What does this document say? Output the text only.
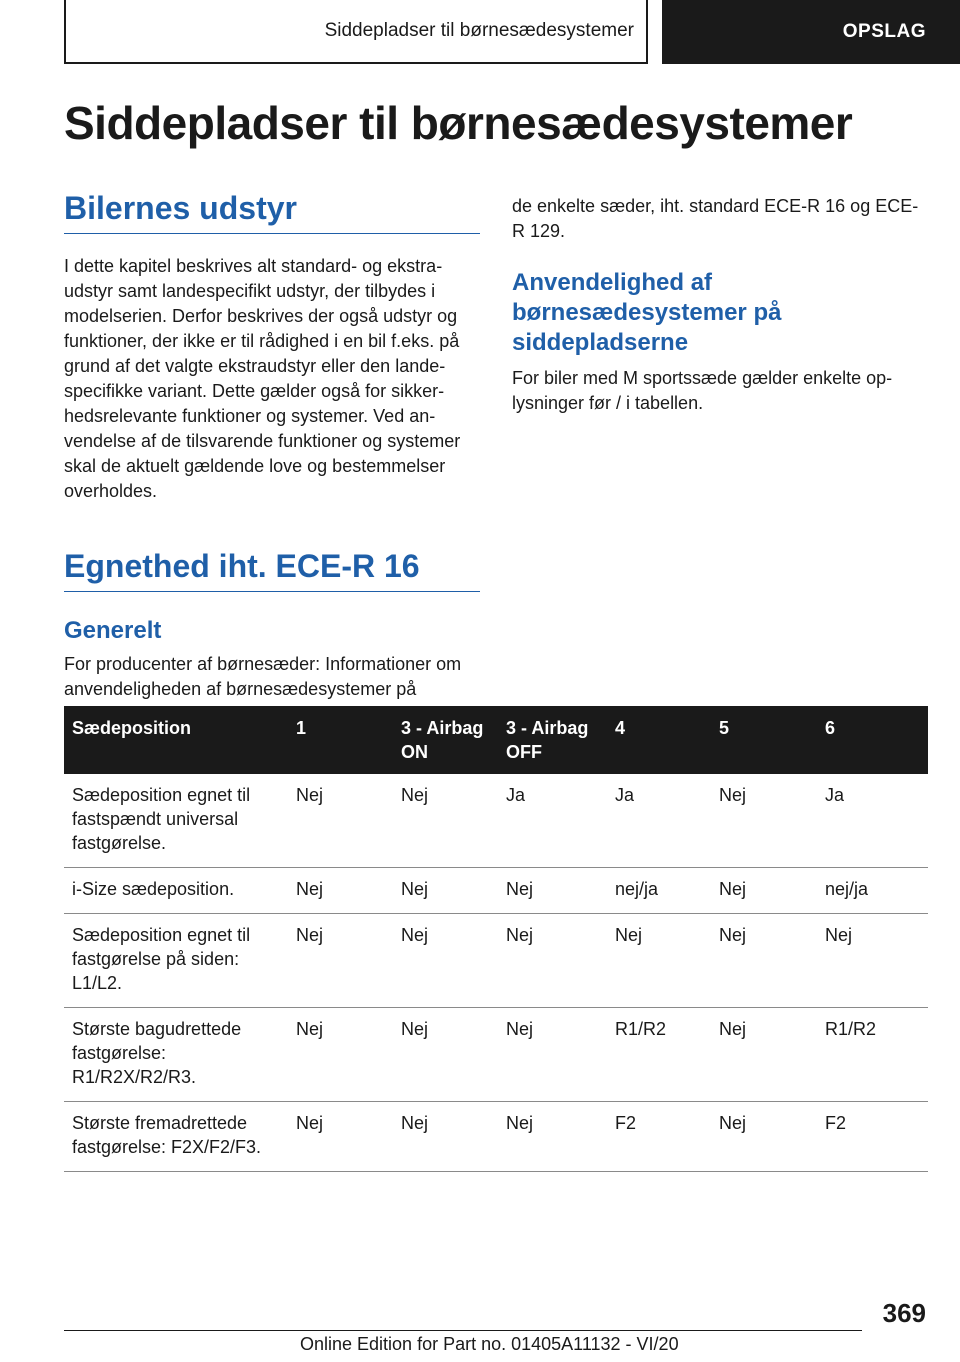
Siddepladser til børnesædesystemer	OPSLAG
Siddepladser til børnesædesystemer
Bilernes udstyr

I dette kapitel beskrives alt standard- og ekstraudstyr samt landespecifikt udstyr, der tilbydes i modelserien. Derfor beskrives der også udstyr og funktioner, der ikke er til rådighed i en bil f.eks. på grund af det valgte ekstraudstyr eller den landespecifikke variant. Dette gælder også for sikkerhedsrelevante funktioner og systemer. Ved anvendelse af de tilsvarende funktioner og systemer skal de aktuelt gældende love og bestemmelser overholdes.

Egnethed iht. ECE-R 16
Generelt

For producenter af børnesæder: Informationer om anvendeligheden af børnesædesystemer på

de enkelte sæder, iht. standard ECE-R 16 og ECE-R 129.

Anvendelighed af børnesædesystemer på siddepladserne

For biler med M sportssæde gælder enkelte oplysninger før / i tabellen.

Sædeposition	1	3 - Airbag ON	3 - Airbag OFF	4	5	6
Sædeposition egnet til fastspændt universal fastgørelse.	Nej	Nej	Ja	Ja	Nej	Ja
i-Size sædeposition.	Nej	Nej	Nej	nej/ja	Nej	nej/ja
Sædeposition egnet til fastgørelse på siden: L1/L2.	Nej	Nej	Nej	Nej	Nej	Nej
Største bagudrettede fastgørelse: R1/R2X/R2/R3.	Nej	Nej	Nej	R1/R2	Nej	R1/R2
Største fremadrettede fastgørelse: F2X/F2/F3.	Nej	Nej	Nej	F2	Nej	F2
369
Online Edition for Part no. 01405A11132 - VI/20
